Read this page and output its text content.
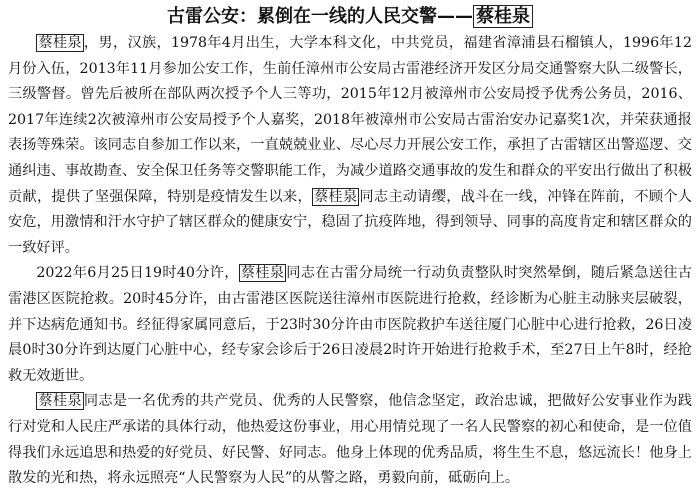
古雷公安：累倒在一线的人民交警—— 蔡桂泉

蔡桂泉 ，男，汉族，1978年4月出生，大学本科文化，中共党员，福建省漳浦县石榴镇人，1996年12月份入伍，2013年11月参加公安工作，生前任漳州市公安局古雷港经济开发区分局交通警察大队二级警长，三级警督。曾先后被所在部队两次授予个人三等功，2015年12月被漳州市公安局授予优秀公务员，2016、2017年连续2次被漳州市公安局授予个人嘉奖，2018年被漳州市公安局古雷治安办记嘉奖1次，并荣获通报表扬等殊荣。该同志自参加工作以来，一直兢兢业业、尽心尽力开展公安工作，承担了古雷辖区出警巡逻、交通纠违、事故勘查、安全保卫任务等交警职能工作，为减少道路交通事故的发生和群众的平安出行做出了积极贡献，提供了坚强保障，特别是疫情发生以来， 蔡桂泉 同志主动请缨，战斗在一线，冲锋在阵前，不顾个人安危，用激情和汗水守护了辖区群众的健康安宁，稳固了抗疫阵地，得到领导、同事的高度肯定和辖区群众的一致好评。

2022年6月25日19时40分许， 蔡桂泉 同志在古雷分局统一行动负责整队时突然晕倒，随后紧急送往古雷港区医院抢救。20时45分许，由古雷港区医院送往漳州市医院进行抢救，经诊断为心脏主动脉夹层破裂，并下达病危通知书。经征得家属同意后，于23时30分许由市医院救护车送往厦门心脏中心进行抢救，26日凌晨0时30分许到达厦门心脏中心，经专家会诊后于26日凌晨2时许开始进行抢救手术，至27日上午8时，经抢救无效逝世。

蔡桂泉 同志是一名优秀的共产党员、优秀的人民警察，他信念坚定，政治忠诚，把做好公安事业作为践行对党和人民庄严承诺的具体行动，他热爱这份事业，用心用情兑现了一名人民警察的初心和使命，是一位值得我们永远追思和热爱的好党员、好民警、好同志。他身上体现的优秀品质，将生生不息，悠远流长！他身上散发的光和热，将永远照亮“人民警察为人民”的从警之路，勇毅向前，砥砺向上。
